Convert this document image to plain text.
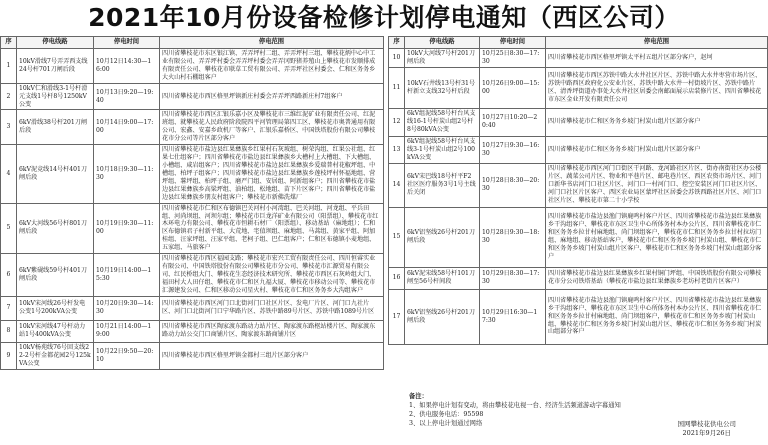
2021年10月份设备检修计划停电通知（西区公司）
序	停电线路	停电时间	停电范围
1	10kV滑线7号弄弄西支线24号杆701刀闸后段	10月12日14:30—16:00	四川省攀枝花市东区银江镇、弄弄坪村二组、弄弄坪村三组、攀枝花炳中心中工业有限公司、弄弄坪村委会弄弄坪村委会弄弄冈野猪养殖山上攀枝花市发顺排成有限责任公司、攀枝花市联草工贸有限公司、弄弄坪社区村委会、仁和区务务乡大火山村石棚组客户
2	10kV仁和滑线3-1号杆滑元支线1号杆8号1250kV公变	10月13日9:20—19:40	四川省攀枝花市西区格里坪镇新庄村委会弄弄坪西路新庄村7组客户
3	6kV滑线38号杆201刀闸后段	10月14日9:00—17:00	四川省攀枝花市西区汇银乐嘉小区及攀枝花市三维红泥矿业有限责任公司、红泥班组、就攀枝花人民政府阶段院四平河管理局第四工区、攀枝花市奥普通用有限公司、宏鑫、安嘉乡政机厂等客户、汇银乐嘉桥区、中国铁塔股份有限公司攀枝花市分公司等片区部分客户
4	6kV泥竞线14号杆401刀闸后段	10月18日9:30—11:30	四川省攀枝花市盐边县红果彝族乡红果村石灰坡组、树荣沟组、红果公社组、红果七仕组客户；四川省攀枝花市盐边县红果彝族乡大槽村上大槽组、下大槽组、小槽组、咸岩组客户；四川省攀枝花市盐边县红果彝族乡爱瑞普村花椒坪组、中槽组、柏坪子组客户；四川省攀枝花市盐边县红果彝族乡莲枝坪村怀福地组、营坪组、薯坪组、柏坪子组、磨严门组、安居组、阿新组客户；四川省攀枝花市盐边县红果彝族乡高粱坪组、油柏组、松地组、苗下片区客户；四川省攀枝花市盐边县红果彝族乡朋友村组客户；攀枝花市新佛洗煤厂
5	6kV大河线56号杆801刀闸后段	10月19日9:30—11:00	四川省攀枝花市仁和区布德镇巴关河村小河湾组、巴关河组、河龙组、平兵田组、河尚坝组、河坝尔组；攀枝花市巨龙洋矿业有限公司（阳票组）、攀枝花市红木环电力有限公司、攀枝花市恒耕石材厂（阳票组）、移动基站（麻地组）；仁和区布德镇君子村新平组、大荒地、宅值坝组、麻地组、马蒿组、黄家平组、阿加桂组、汪家坪组、汪家平组、老柯子组、巴仁组客户；仁和区布德镇小麦地组、五家组、马旅客户
6	6kV紫砚线59号杆401刀闸后段	10月19日14:00—15:30	四川省攀枝花市西区福园支路；攀枝花市宏兴工贸有限责任公司、四川恒睿实业有限公司、中国铁塔股份有限公司攀枝花市分公司、攀枝花市汇源贸易有限公司、红民桥组大门、攀枝花生态经济技术研究所、攀枝花市西区石灰岭组大门、福田村大人田仔组、攀枝花市仁和区九福大厦、攀枝花市移动公司等、攀枝花市汇源建发公司、仁和区移动公司星火村、攀枝花市仁和区务务乡大沟组客户
7	10kV宋河线26号杆发电公变1号200kVA公变	10月20日9:30—14:30	四川省攀枝花市西区河门口北街河门口社区片区、发电厂片区、河门口九社片区、河门口北街河门口宁华路片区、苏铁中路89号片区、苏铁中路1089号片区
8	10kV宋河线47号杆动力站1号400kVA公变	10月21日14:00—19:00	四川省攀枝花市西区陶家渡东路动力站片区、陶家渡东路枢站楼片区、陶家渡东路动力站公交门口商铺片区、陶家渡东路商铺片区
9	10kV杨苑线76号回支线22-2号杆金都花园2号125kVA公变	10月22日9:50—20:10	四川省攀枝花市西区格里坪镇金都村三组片区部分客户
序	停电线路	停电时间	停电范围
10	10kV大河线7号杆201刀闸后段	10月25日8:30—17:30	四川省攀枝花市西区格里坪镇太平村五组片区部分客户，赵坷
11	10kV石井线13号杆31号杆新立支线32号杆后段	10月26日9:00—15:00	四川省攀枝花市西区苏铁中路大水井社区片区、苏铁中路大水井枣营市场片区、苏铁中路西区政府化公安业片区、苏铁中路大水井一村街坡片区、苏铁中路片区、清香坪街道办事处大水井社区居委会南邮面展示店装修片区、四川省攀枝花市东区金业开发有限责任公司
12	6kV组泥线58号杆台风支线16-1号杆炭山组2号杆8号80kVA公变	10月27日10:20—20:40	四川省攀枝花市仁和区务务乡坡门村炭山组片区部分客户
13	6kV组泥线58号杆台风支线3-1号杆炭山组2号100kVA公变	10月27日9:30—16:30	四川省攀枝花市仁和区务务乡坡门村炭山组片区部分客户
14	6kV宋巴线18号杆平F2社区医疗服务3号1号主线后关闭	10月28日8:30—20:30	四川省攀枝花市西区河门口街区干河路、龙河路社区片区、街办南街社区办公楼片区、蔬菜公司片区、物业和平巷片区、邮电巷片区、西区农资市场片区、河门口新华书店河门口社区片区、河门口一村河门口、控空安装区河门口社区片区、河门口社区片区客户、西区农业局区蒙坪社区居委会苏铁西路社区片区、河门口社区片区、攀枝花市第二十小学校
15	6kV铝坚线26号杆201刀闸后段	10月28日9:30—18:30	四川省攀枝花市盐边县渔门镇鹿鸣村客户片区、四川省攀枝花市盐边县红果彝族乡干沟组客户、攀枝花市东区卫生中心所体务村本办公片区、四川省攀枝花市仁和区务务乡拉甘村麻地组、尚门坝组客户，攀枝花市仁和区务务乡拉甘村拉坊门组、麻地组、移动基站客户，攀枝花市仁和区务务乡坡门村炭山组、攀枝花市仁和区务务乡坡门村炭山组片区客户、攀枝花市仁和区务务乡坡门村炭山组部分客户
16	6kV泥宋线58号杆101刀闸至56号杆间段	10月29日8:30—17:30	四川省攀枝花市盐边县红果彝族乡红果村铜门坪组、中国铁塔股份有限公司攀枝花市分公司铁塔基站（攀枝花市盐边县红果彝族乡老坊村老街片区客户）
17	6kV铝坚线26号杆201刀闸后段	10月29日16:30—17:30	四川省攀枝花市盐边县渔门镇鹿鸣村客户片区、四川省攀枝花市盐边县红果彝族乡干沟组客户、攀枝花市东区卫生中心所体务村本办公片区、四川省攀枝花市仁和区务务乡拉甘村麻地组、尚门坝组客户，攀枝花市仁和区务务乡坡门村炭山组、攀枝花市仁和区务务乡坡门村炭山组片区、攀枝花市仁和区务务乡坡门村炭山组部分客户
备注：
1、如果停电计划有变动，将由攀枝花电视一台、经济生活频道游动字幕通知
2、供电服务电话：95598
3、以上停电计划通过网络	国网攀枝花供电公司
2021年9月26日
